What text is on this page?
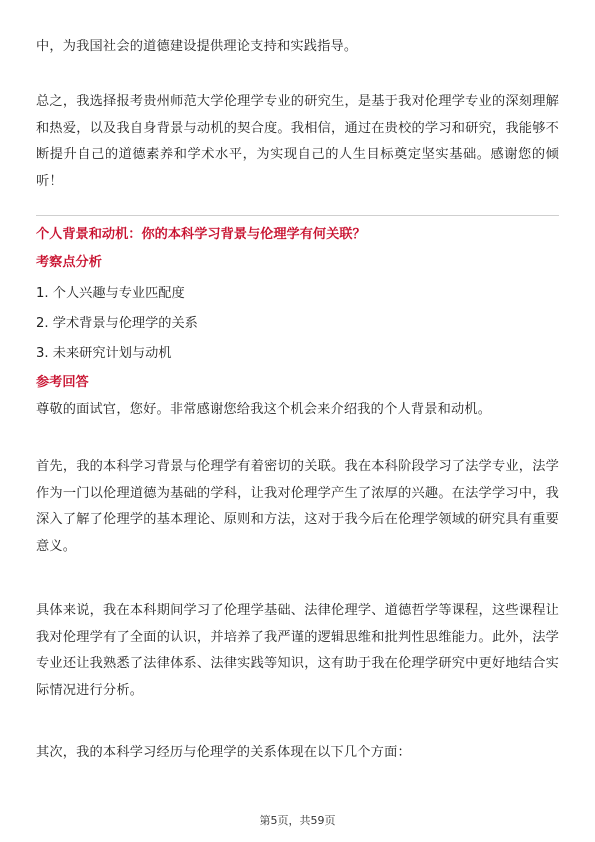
中，为我国社会的道德建设提供理论支持和实践指导。

总之，我选择报考贵州师范大学伦理学专业的研究生，是基于我对伦理学专业的深刻理解和热爱，以及我自身背景与动机的契合度。我相信，通过在贵校的学习和研究，我能够不断提升自己的道德素养和学术水平，为实现自己的人生目标奠定坚实基础。感谢您的倾听！

个人背景和动机：你的本科学习背景与伦理学有何关联？

考察点分析

1. 个人兴趣与专业匹配度
2. 学术背景与伦理学的关系
3. 未来研究计划与动机

参考回答

尊敬的面试官，您好。非常感谢您给我这个机会来介绍我的个人背景和动机。

首先，我的本科学习背景与伦理学有着密切的关联。我在本科阶段学习了法学专业，法学作为一门以伦理道德为基础的学科，让我对伦理学产生了浓厚的兴趣。在法学学习中，我深入了解了伦理学的基本理论、原则和方法，这对于我今后在伦理学领域的研究具有重要意义。

具体来说，我在本科期间学习了伦理学基础、法律伦理学、道德哲学等课程，这些课程让我对伦理学有了全面的认识，并培养了我严谨的逻辑思维和批判性思维能力。此外，法学专业还让我熟悉了法律体系、法律实践等知识，这有助于我在伦理学研究中更好地结合实际情况进行分析。

其次，我的本科学习经历与伦理学的关系体现在以下几个方面：

第5页，共59页
